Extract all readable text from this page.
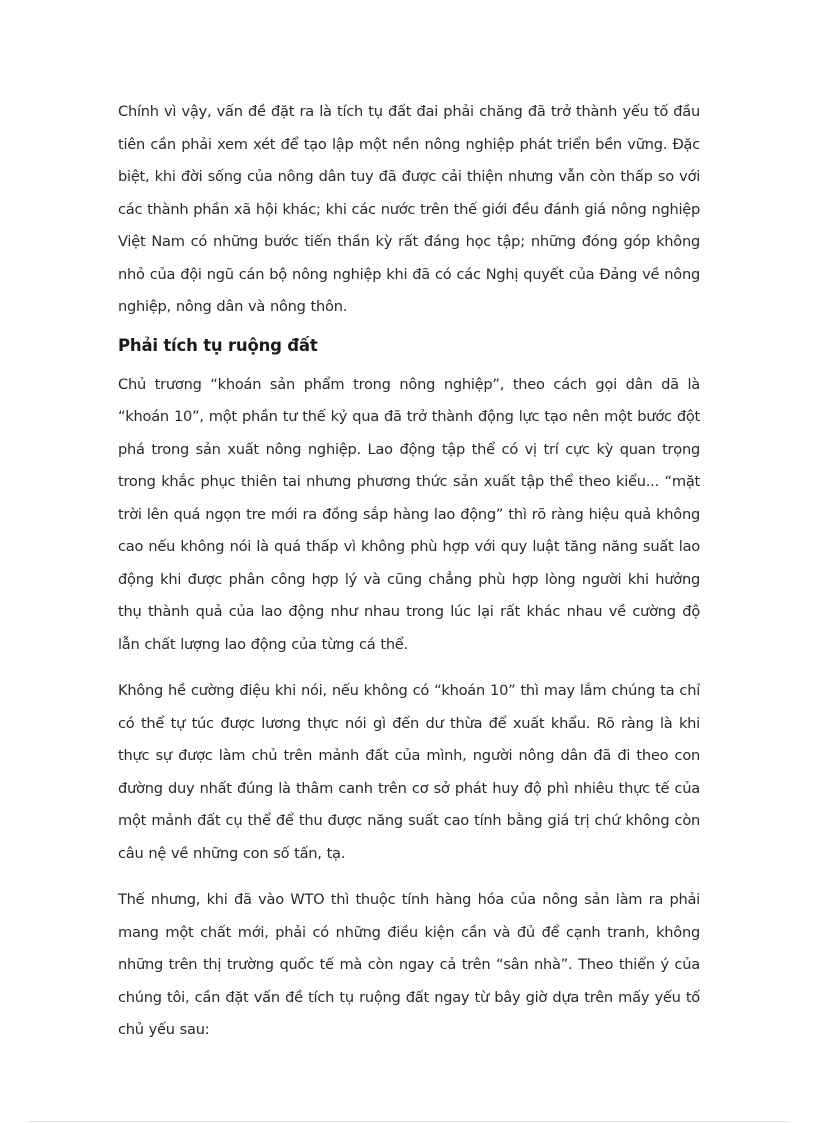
Chính vì vậy, vấn đề đặt ra là tích tụ đất đai phải chăng đã trở thành yếu tố đầu tiên cần phải xem xét để tạo lập một nền nông nghiệp phát triển bền vững. Đặc biệt, khi đời sống của nông dân tuy đã được cải thiện nhưng vẫn còn thấp so với các thành phần xã hội khác; khi các nước trên thế giới đều đánh giá nông nghiệp Việt Nam có những bước tiến thần kỳ rất đáng học tập; những đóng góp không nhỏ của đội ngũ cán bộ nông nghiệp khi đã có các Nghị quyết của Đảng về nông nghiệp, nông dân và nông thôn.

Phải tích tụ ruộng đất

Chủ trương “khoán sản phẩm trong nông nghiệp”, theo cách gọi dân dã là “khoán 10”, một phần tư thế kỷ qua đã trở thành động lực tạo nên một bước đột phá trong sản xuất nông nghiệp. Lao động tập thể có vị trí cực kỳ quan trọng trong khắc phục thiên tai nhưng phương thức sản xuất tập thể theo kiểu... “mặt trời lên quá ngọn tre mới ra đồng sắp hàng lao động” thì rõ ràng hiệu quả không cao nếu không nói là quá thấp vì không phù hợp với quy luật tăng năng suất lao động khi được phân công hợp lý và cũng chẳng phù hợp lòng người khi hưởng thụ thành quả của lao động như nhau trong lúc lại rất khác nhau về cường độ lẫn chất lượng lao động của từng cá thể.

Không hề cường điệu khi nói, nếu không có “khoán 10” thì may lắm chúng ta chỉ có thể tự túc được lương thực nói gì đến dư thừa để xuất khẩu. Rõ ràng là khi thực sự được làm chủ trên mảnh đất của mình, người nông dân đã đi theo con đường duy nhất đúng là thâm canh trên cơ sở phát huy độ phì nhiêu thực tế của một mảnh đất cụ thể để thu được năng suất cao tính bằng giá trị chứ không còn câu nệ về những con số tấn, tạ.

Thế nhưng, khi đã vào WTO thì thuộc tính hàng hóa của nông sản làm ra phải mang một chất mới, phải có những điều kiện cần và đủ để cạnh tranh, không những trên thị trường quốc tế mà còn ngay cả trên “sân nhà”. Theo thiển ý của chúng tôi, cần đặt vấn đề tích tụ ruộng đất ngay từ bây giờ dựa trên mấy yếu tố chủ yếu sau:
